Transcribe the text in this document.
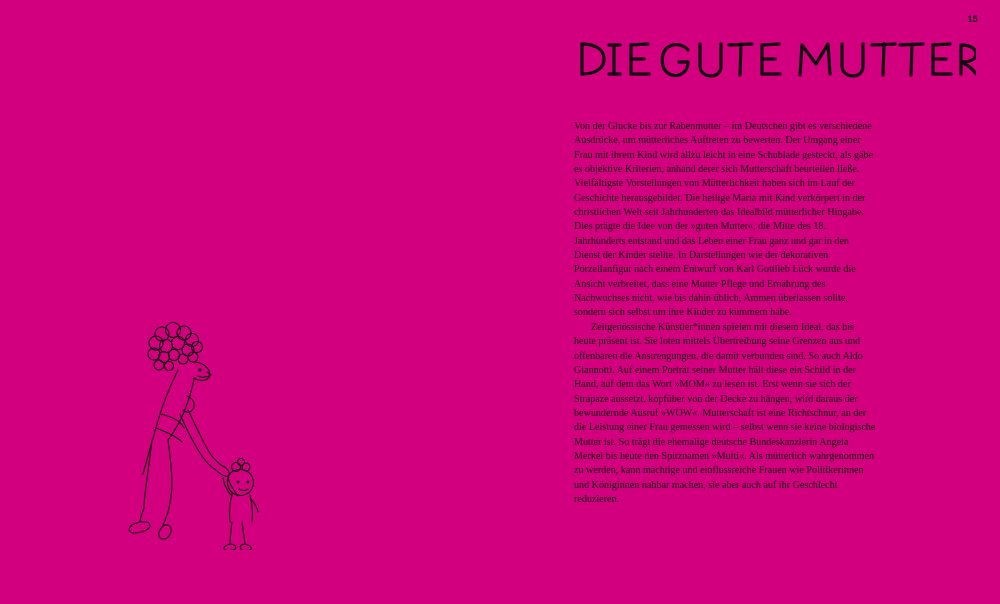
15

Von der Glucke bis zur Rabenmutter – im Deutschen gibt es verschiedene Ausdrücke, um mütterliches Auftreten zu bewerten. Der Umgang einer Frau mit ihrem Kind wird allzu leicht in eine Schublade gesteckt, als gäbe es objektive Kriterien, anhand derer sich Mutterschaft beurteilen ließe. Vielfältigste Vorstellungen von Mütterlichkeit haben sich im Lauf der Geschichte herausgebildet. Die heilige Maria mit Kind verkörpert in der christlichen Welt seit Jahrhunderten das Idealbild mütterlicher Hingabe. Dies prägte die Idee von der »guten Mutter«, die Mitte des 18. Jahrhunderts entstand und das Leben einer Frau ganz und gar in den Dienst der Kinder stellte. In Darstellungen wie der dekorativen Porzellanfigur nach einem Entwurf von Karl Gottlieb Lück wurde die Ansicht verbreitet, dass eine Mutter Pflege und Ernährung des Nachwuchses nicht, wie bis dahin üblich, Ammen überlassen sollte, sondern sich selbst um ihre Kinder zu kümmern habe.

Zeitgenössische Künstler*innen spielen mit diesem Ideal, das bis heute präsent ist. Sie loten mittels Übertreibung seine Grenzen aus und offenbaren die Anstrengungen, die damit verbunden sind. So auch Aldo Giannotti. Auf einem Porträt seiner Mutter hält diese ein Schild in der Hand, auf dem das Wort »MOM« zu lesen ist. Erst wenn sie sich der Strapaze aussetzt, kopfüber von der Decke zu hängen, wird daraus der bewundernde Ausruf »WOW«. Mutterschaft ist eine Richtschnur, an der die Leistung einer Frau gemessen wird – selbst wenn sie keine biologische Mutter ist. So trägt die ehemalige deutsche Bundeskanzlerin Angela Merkel bis heute den Spitznamen »Mutti«. Als mütterlich wahrgenommen zu werden, kann mächtige und einflussreiche Frauen wie Politikerinnen und Königinnen nahbar machen, sie aber auch auf ihr Geschlecht reduzieren.
